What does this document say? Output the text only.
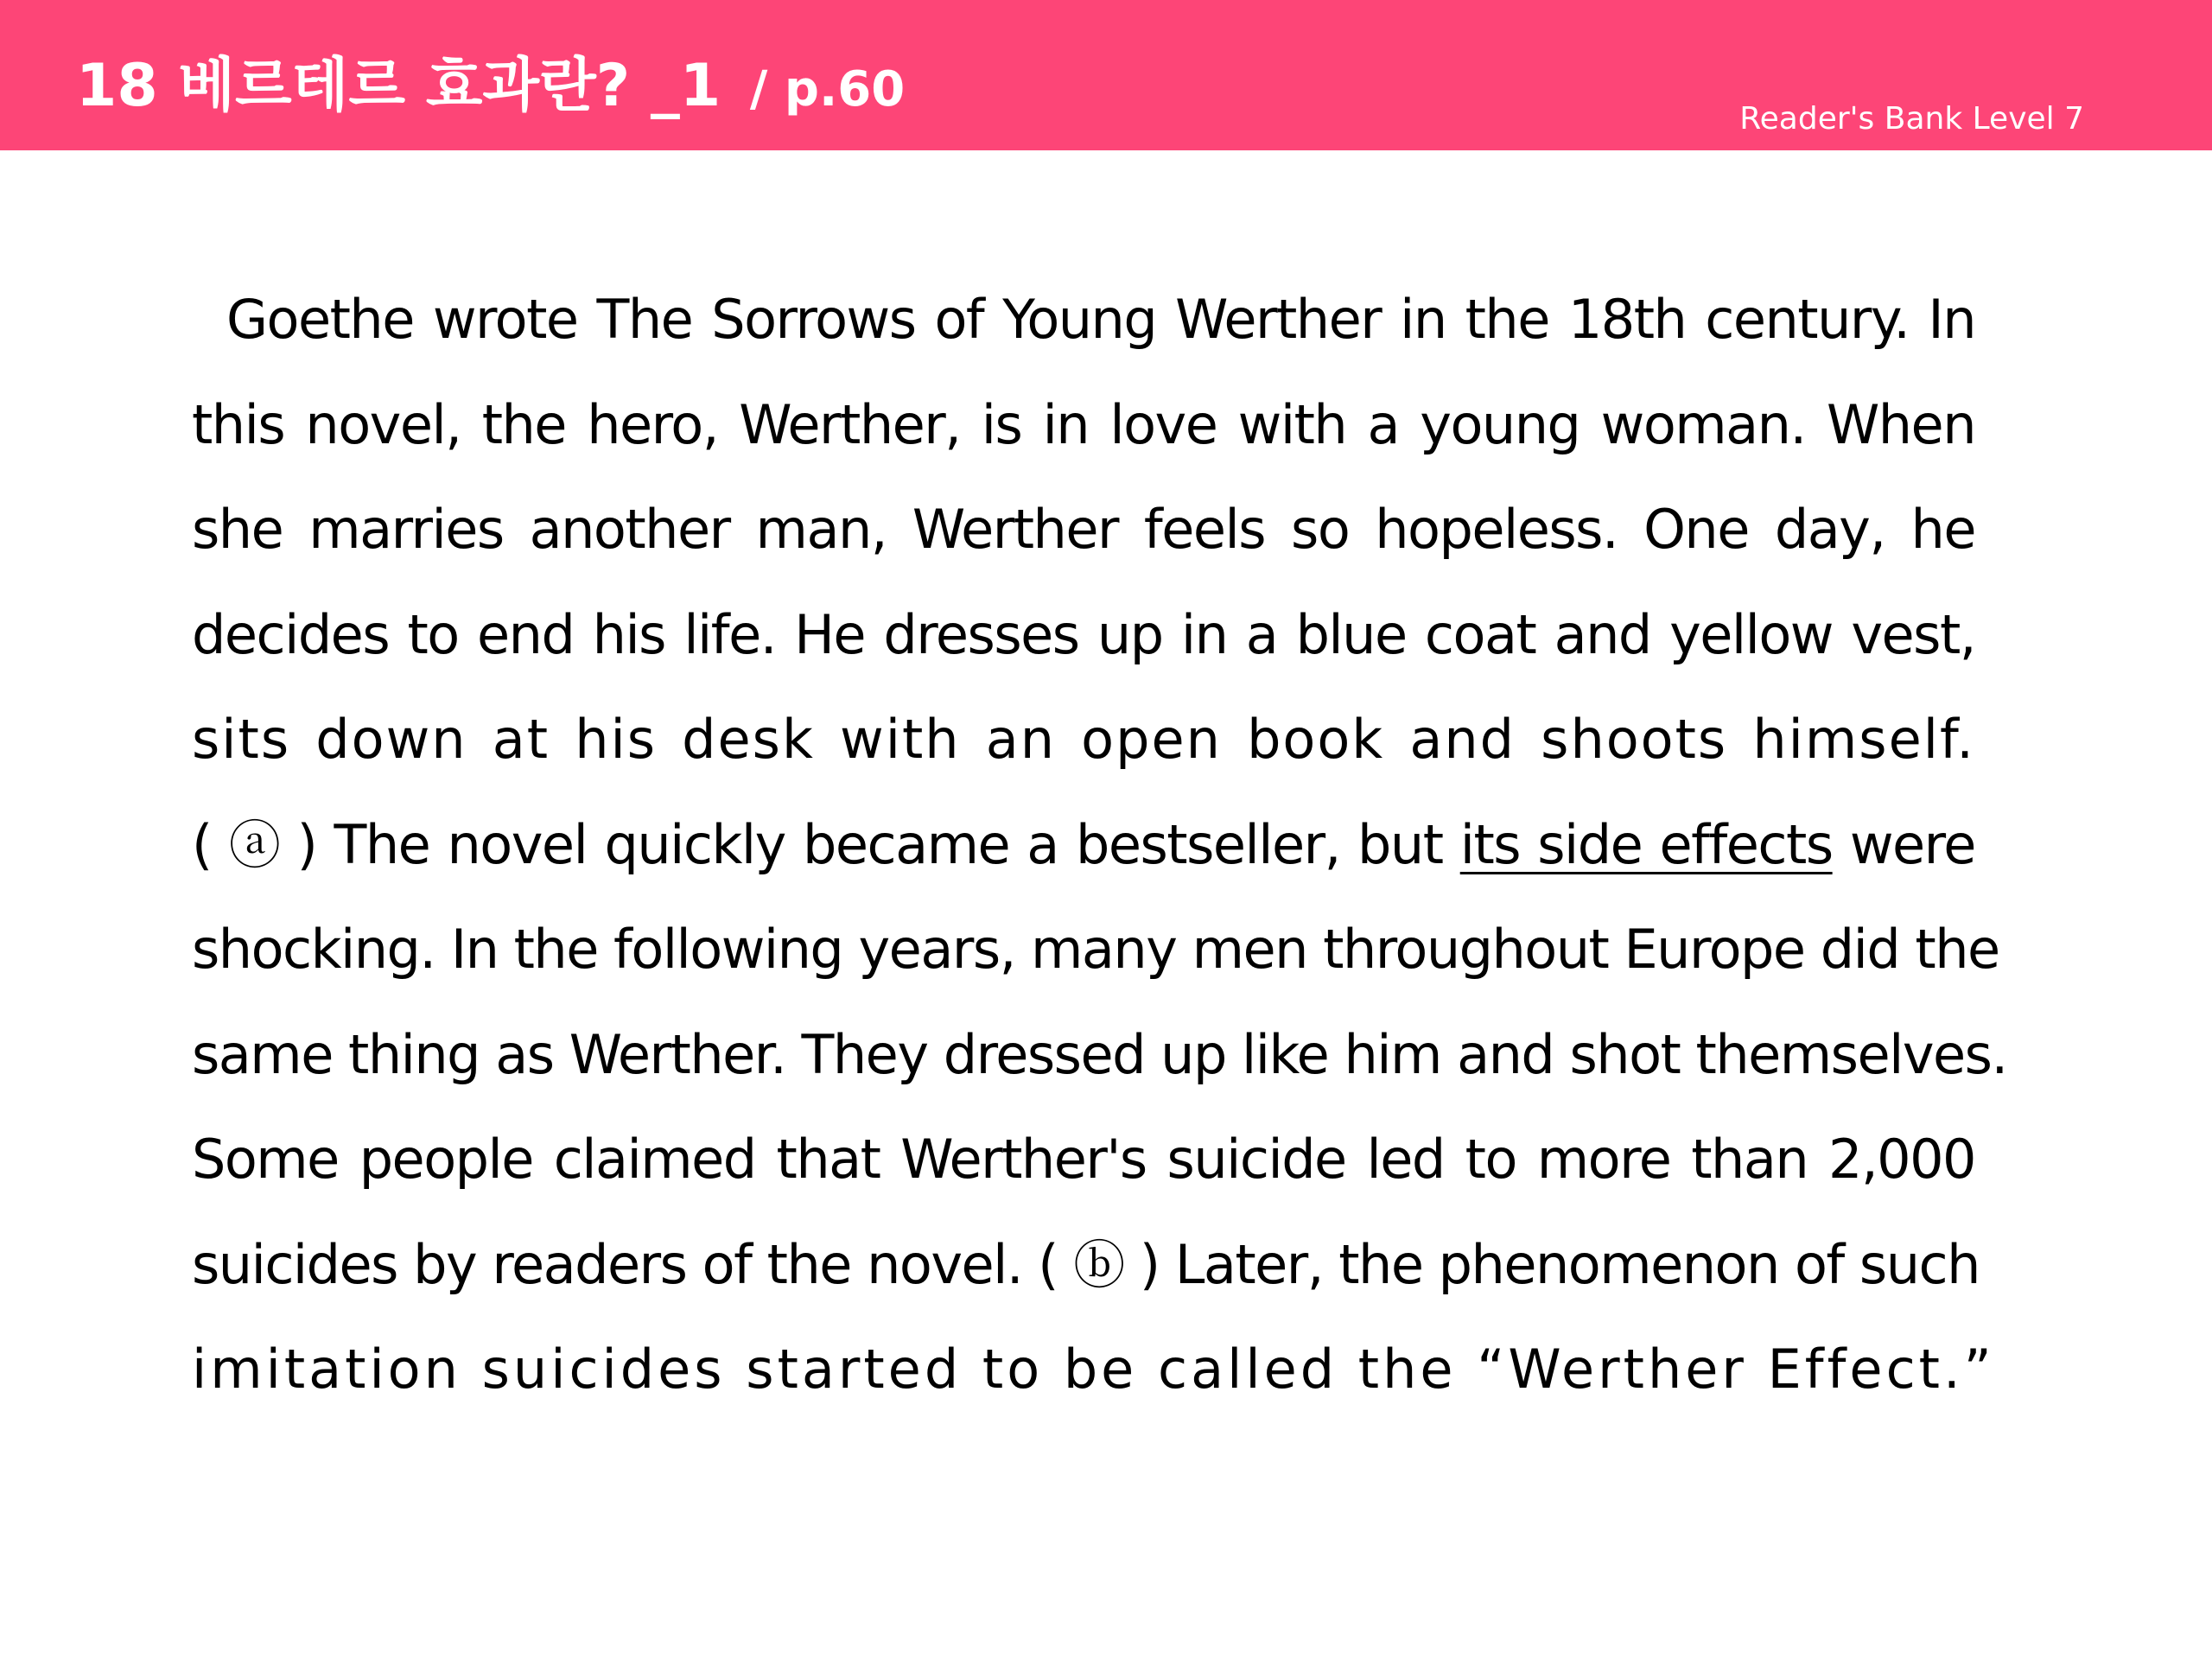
18 베르테르 효과란? _1 / p.60
Reader's Bank Level 7
Goethe wrote The Sorrows of Young Werther in the 18th century. In
this novel, the hero, Werther, is in love with a young woman. When
she marries another man, Werther feels so hopeless. One day, he
decides to end his life. He dresses up in a blue coat and yellow vest,
sits down at his desk with an open book and shoots himself.
( ⓐ ) The novel quickly became a bestseller, but its side effects were
shocking. In the following years, many men throughout Europe did the
same thing as Werther. They dressed up like him and shot themselves.
Some people claimed that Werther's suicide led to more than 2,000
suicides by readers of the novel. ( ⓑ ) Later, the phenomenon of such
imitation suicides started to be called the “Werther Effect.”
